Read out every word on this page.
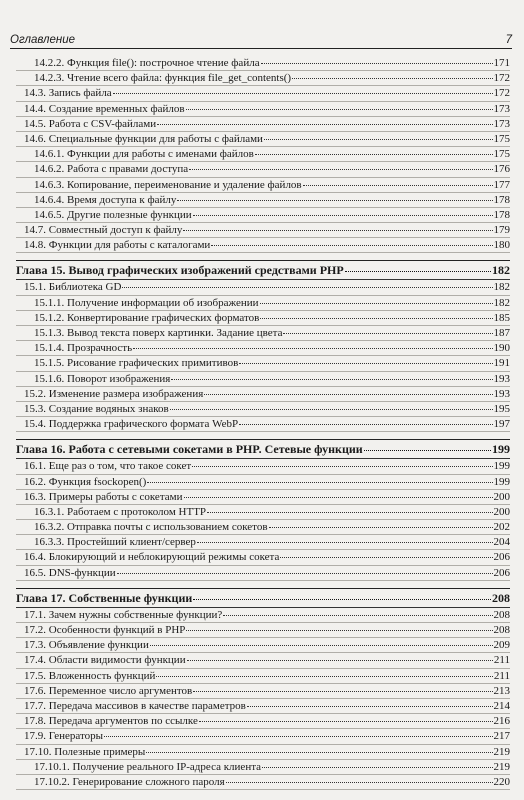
Оглавление	7
14.2.2. Функция file(): построчное чтение файла	171
14.2.3. Чтение всего файла: функция file_get_contents()	172
14.3. Запись файла	172
14.4. Создание временных файлов	173
14.5. Работа с CSV-файлами	173
14.6. Специальные функции для работы с файлами	175
14.6.1. Функции для работы с именами файлов	175
14.6.2. Работа с правами доступа	176
14.6.3. Копирование, переименование и удаление файлов	177
14.6.4. Время доступа к файлу	178
14.6.5. Другие полезные функции	178
14.7. Совместный доступ к файлу	179
14.8. Функции для работы с каталогами	180
Глава 15. Вывод графических изображений средствами PHP	182
15.1. Библиотека GD	182
15.1.1. Получение информации об изображении	182
15.1.2. Конвертирование графических форматов	185
15.1.3. Вывод текста поверх картинки. Задание цвета	187
15.1.4. Прозрачность	190
15.1.5. Рисование графических примитивов	191
15.1.6. Поворот изображения	193
15.2. Изменение размера изображения	193
15.3. Создание водяных знаков	195
15.4. Поддержка графического формата WebP	197
Глава 16. Работа с сетевыми сокетами в PHP. Сетевые функции	199
16.1. Еще раз о том, что такое сокет	199
16.2. Функция fsockopen()	199
16.3. Примеры работы с сокетами	200
16.3.1. Работаем с протоколом HTTP	200
16.3.2. Отправка почты с использованием сокетов	202
16.3.3. Простейший клиент/сервер	204
16.4. Блокирующий и неблокирующий режимы сокета	206
16.5. DNS-функции	206
Глава 17. Собственные функции	208
17.1. Зачем нужны собственные функции?	208
17.2. Особенности функций в PHP	208
17.3. Объявление функции	209
17.4. Области видимости функции	211
17.5. Вложенность функций	211
17.6. Переменное число аргументов	213
17.7. Передача массивов в качестве параметров	214
17.8. Передача аргументов по ссылке	216
17.9. Генераторы	217
17.10. Полезные примеры	219
17.10.1. Получение реального IP-адреса клиента	219
17.10.2. Генерирование сложного пароля	220
